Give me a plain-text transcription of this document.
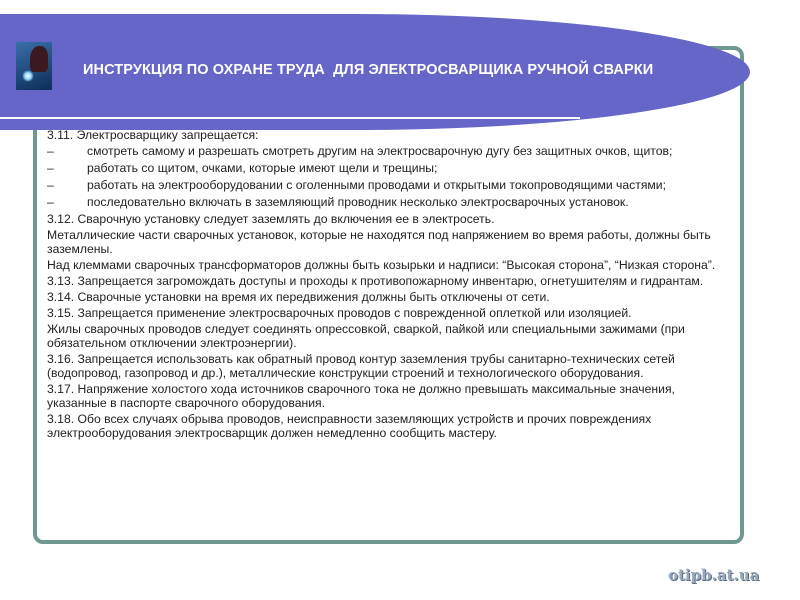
ИНСТРУКЦИЯ ПО ОХРАНЕ ТРУДА  ДЛЯ ЭЛЕКТРОСВАРЩИКА РУЧНОЙ СВАРКИ
3.11. Электросварщику запрещается:
–	смотреть самому и разрешать смотреть другим на электросварочную дугу без защитных очков, щитов;
–	работать со щитом, очками, которые имеют щели и трещины;
–	работать на электрооборудовании с оголенными проводами и открытыми токопроводящими частями;
–	последовательно включать в заземляющий проводник несколько электросварочных установок.
3.12. Сварочную установку следует заземлять до включения ее в электросеть.
Металлические части сварочных установок, которые не находятся под напряжением во время работы, должны быть заземлены.
Над клеммами сварочных трансформаторов должны быть козырьки и надписи: “Высокая сторона”, “Низкая сторона”.
3.13. Запрещается загромождать доступы и проходы к противопожарному инвентарю, огнетушителям и гидрантам.
3.14. Сварочные установки на время их передвижения должны быть отключены от сети.
3.15. Запрещается применение электросварочных проводов с поврежденной оплеткой или изоляцией.
Жилы сварочных проводов следует соединять опрессовкой, сваркой, пайкой или специальными зажимами (при обязательном отключении электроэнергии).
3.16. Запрещается использовать как обратный провод контур заземления трубы санитарно-технических сетей (водопровод, газопровод и др.), металлические конструкции строений и технологического оборудования.
3.17. Напряжение холостого хода источников сварочного тока не должно превышать максимальные значения, указанные в паспорте сварочного оборудования.
3.18. Обо всех случаях обрыва проводов, неисправности заземляющих устройств и прочих повреждениях электрооборудования электросварщик должен немедленно сообщить мастеру.
otipb.at.ua
